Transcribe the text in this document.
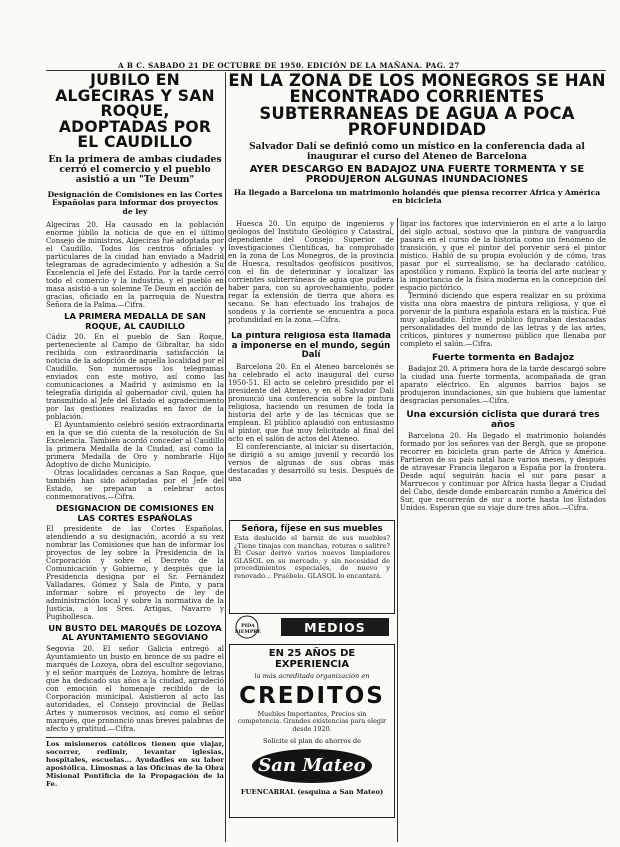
A B C. SABADO 21 DE OCTUBRE DE 1950. EDICIÓN DE LA MAÑANA. PAG. 27
JUBILO EN ALGECIRAS Y SAN ROQUE, ADOPTADAS POR EL CAUDILLO
En la primera de ambas ciudades cerró el comercio y el pueblo asistió a un "Te Deum"
Designación de Comisiones en las Cortes Españolas para informar dos proyectos de ley

Algeciras 20. Ha causado en la población enorme júbilo la noticia de que en el último Consejo de ministros, Algeciras fué adoptada por el Caudillo. Todos los centros oficiales y particulares de la ciudad han enviado a Madrid telegramas de agradecimiento y adhesión a Su Excelencia el Jefe del Estado. Por la tarde cerró todo el comercio y la industria, y el pueblo en masa asistió a un solemne Te Deum en acción de gracias, oficiado en la parroquia de Nuestra Señora de la Palma.—Cifra.

LA PRIMERA MEDALLA DE SAN ROQUE, AL CAUDILLO

Cádiz 20. En el pueblo de San Roque, perteneciente al Campo de Gibraltar, ha sido recibida con extraordinaria satisfacción la noticia de la adopción de aquella localidad por el Caudillo. Son numerosos los telegramas enviados con este motivo, así como las comunicaciones a Madrid y asimismo en la telegrafía dirigida al gobernador civil, quien ha transmitido al Jefe del Estado el agradecimiento por las gestiones realizadas en favor de la población.

El Ayuntamiento celebró sesión extraordinaria en la que se dió cuenta de la resolución de Su Excelencia. También acordó conceder al Caudillo la primera Medalla de la Ciudad, así como la primera Medalla de Oro y nombrarle Hijo Adoptivo de dicho Municipio.

Otras localidades cercanas a San Roque, que también han sido adoptadas por el Jefe del Estado, se preparan a celebrar actos conmemorativos.—Cifra.

DESIGNACION DE COMISIONES EN LAS CORTES ESPAÑOLAS

El presidente de las Cortes Españolas, atendiendo a su designación, acordó a su vez nombrar las Comisiones que han de informar los proyectos de ley sobre la Presidencia de la Corporación y sobre el Decreto de la Comunicación y Gobierno, y después que la Presidencia designa por el Sr. Fernández Valladares, Gómez y Sala de Pinto, y para informar sobre el proyecto de ley de administración local y sobre la normativa de la Justicia, a los Sres. Artigas, Navarro y Pugibollesca.

UN BUSTO DEL MARQUÉS DE LOZOYA AL AYUNTAMIENTO SEGOVIANO

Segovia 20. El señor Galicia entregó al Ayuntamiento un busto en bronce de su padre el marqués de Lozoya, obra del escultor segoviano, y el señor marqués de Lozoya, hombre de letras que ha dedicado sus años a la ciudad, agradeció con emoción el homenaje recibido de la Corporación municipal. Asistieron al acto las autoridades, el Consejo provincial de Bellas Artes y numerosos vecinos, así como el señor marqués, que pronunció unas breves palabras de afecto y gratitud.—Cifra.

Los misioneros católicos tienen que viajar, socorrer, redimir, levantar iglesias, hospitales, escuelas... Ayudadles en su labor apostólica. Limosnas a las Oficinas de la Obra Misional Pontificia de la Propagación de la Fe.

EN LA ZONA DE LOS MONEGROS SE HAN ENCONTRADO CORRIENTES SUBTERRANEAS DE AGUA A POCA PROFUNDIDAD
Salvador Dalí se definió como un místico en la conferencia dada al inaugurar el curso del Ateneo de Barcelona
AYER DESCARGO EN BADAJOZ UNA FUERTE TORMENTA Y SE PRODUJERON ALGUNAS INUNDACIONES
Ha llegado a Barcelona un matrimonio holandés que piensa recorrer Africa y América en bicicleta

Huesca 20. Un equipo de ingenieros y geólogos del Instituto Geológico y Catastral, dependiente del Consejo Superior de Investigaciones Científicas, ha comprobado en la zona de Los Monegros, de la provincia de Huesca, resultados geofísicos positivos, con el fin de determinar y localizar las corrientes subterráneas de agua que pudiera haber para, con su aprovechamiento, poder regar la extensión de tierra que ahora es secano. Se han efectuado los trabajos de sondeos y la corriente se encuentra a poca profundidad en la zona.—Cifra.

La pintura religiosa está llamada a imponerse en el mundo, según Dalí

Barcelona 20. En el Ateneo barcelonés se ha celebrado el acto inaugural del curso 1950-51. El acto se celebró presidido por el presidente del Ateneo, y en él Salvador Dalí pronunció una conferencia sobre la pintura religiosa, haciendo un resumen de toda la historia del arte y de las técnicas que se emplean. El público aplaudió con entusiasmo al pintor, que fué muy felicitado al final del acto en el salón de actos del Ateneo.

El conferenciante, al iniciar su disertación, se dirigió a su amigo juvenil y recordó los versos de algunas de sus obras más destacadas y desarrolló su tesis. Después de una

Señora, fíjese en sus muebles

Esta deslucido el barniz de sus muebles? ¿Tiene tinajas con manchas, roturas o salitre? El Cesar derivó varios nuevos limpiadores GLASOL en su mercado, y sin necesidad de procedimientos especiales, de nuevo y renovado... Pruébelo. GLASOL lo encantará.

PIDA SIEMPRE	MEDIOS
EN 25 AÑOS DE EXPERIENCIA
la más acreditada organización en
CREDITOS

Muebles Importantes, Precios sin competencia. Grandes existencias para elegir desde 1920.

Solicite el plan de ahorros de
San Mateo
FUENCARRAL (esquina a San Mateo)

ligar los factores que intervinieron en el arte a lo largo del siglo actual, sostuvo que la pintura de vanguardia pasará en el curso de la historia como un fenómeno de transición, y que el pintor del porvenir será el pintor místico. Habló de su propia evolución y de cómo, tras pasar por el surrealismo, se ha declarado católico, apostólico y romano. Explicó la teoría del arte nuclear y la importancia de la física moderna en la concepción del espacio pictórico.

Terminó diciendo que espera realizar en su próxima visita una obra maestra de pintura religiosa, y que el porvenir de la pintura española estará en la mística. Fué muy aplaudido. Entre el público figuraban destacadas personalidades del mundo de las letras y de las artes, críticos, pintores y numeroso público que llenaba por completo el salón.—Cifra.

Fuerte tormenta en Badajoz

Badajoz 20. A primera hora de la tarde descargó sobre la ciudad una fuerte tormenta, acompañada de gran aparato eléctrico. En algunos barrios bajos se produjeron inundaciones, sin que hubiera que lamentar desgracias personales.—Cifra.

Una excursión ciclista que durará tres años

Barcelona 20. Ha llegado el matrimonio holandés formado por los señores van der Bergh, que se propone recorrer en bicicleta gran parte de Africa y América. Partieron de su país natal hace varios meses, y después de atravesar Francia llegaron a España por la frontera. Desde aquí seguirán hacia el sur para pasar a Marruecos y continuar por Africa hasta llegar a Ciudad del Cabo, desde donde embarcarán rumbo a América del Sur, que recorrerán de sur a norte hasta los Estados Unidos. Esperan que su viaje dure tres años.—Cifra.
